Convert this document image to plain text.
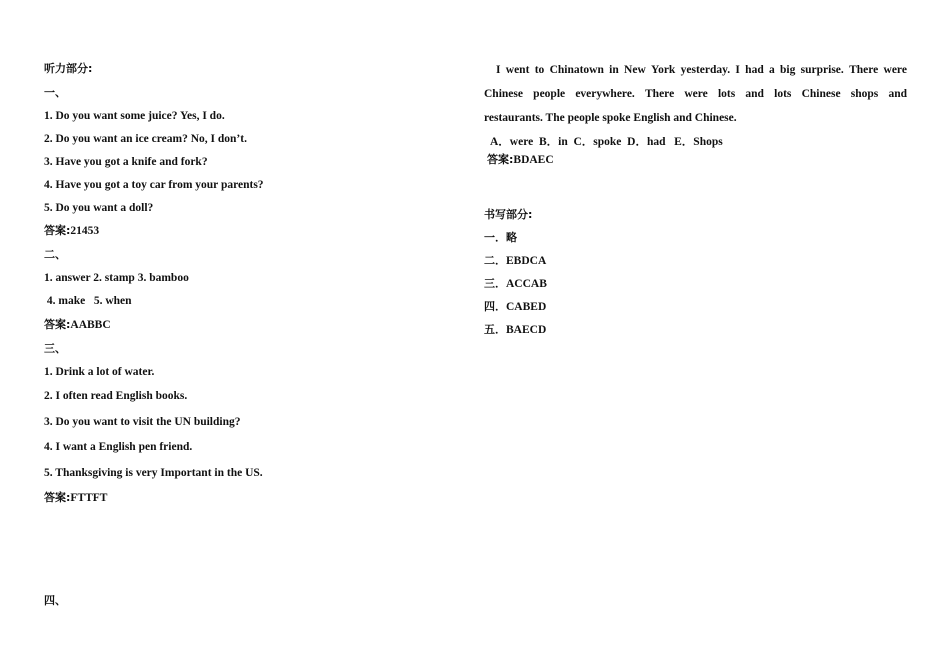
听力部分:
一、
1. Do you want some juice? Yes, I do.
2. Do you want an ice cream? No, I don’t.
3. Have you got a knife and fork?
4. Have you got a toy car from your parents?
5. Do you want a doll?
答案:21453
二、
1. answer 2. stamp 3. bamboo
4. make   5. when
答案:AABBC
三、
1. Drink a lot of water.
2. I often read English books.
3. Do you want to visit the UN building?
4. I want a English pen friend.
5. Thanksgiving is very Important in the US.
答案:FTTFT
四、
I went to Chinatown in New York yesterday. I had a big surprise. There were
Chinese people everywhere. There were lots and lots Chinese shops and
restaurants. The people spoke English and Chinese.
A．were  B．in  C．spoke  D．had   E．Shops
答案:BDAEC
书写部分:
一．略
二．EBDCA
三．ACCAB
四．CABED
五．BAECD
